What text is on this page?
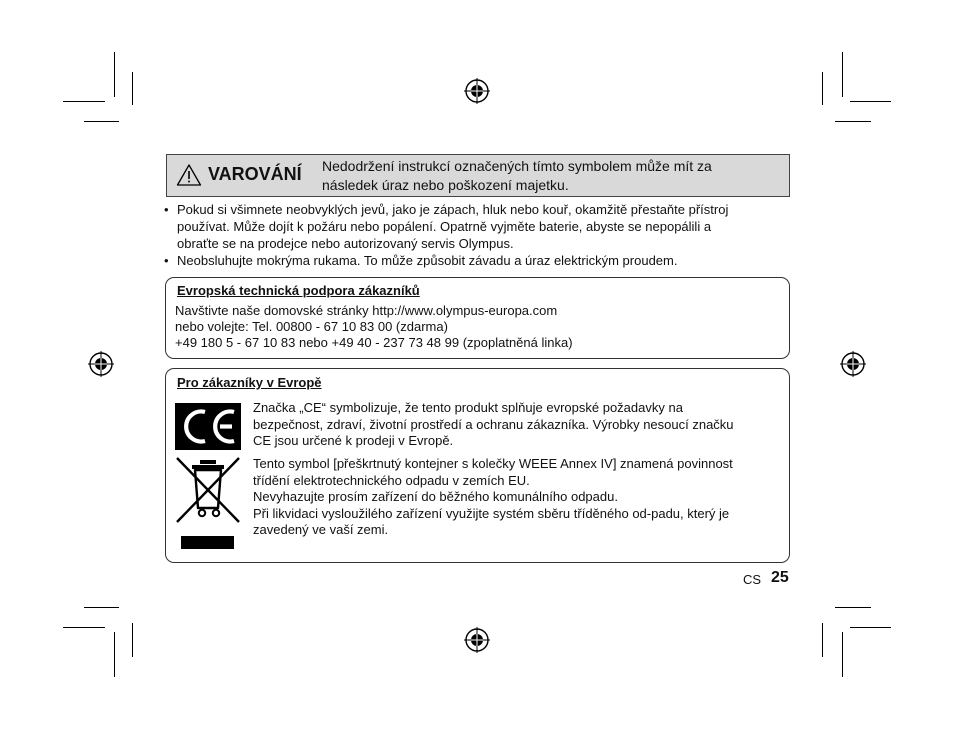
VAROVÁNÍ Nedodržení instrukcí označených tímto symbolem může mít za
následek úraz nebo poškození majetku.
• Pokud si všimnete neobvyklých jevů, jako je zápach, hluk nebo kouř, okamžitě přestaňte přístroj
používat. Může dojít k požáru nebo popálení. Opatrně vyjměte baterie, abyste se nepopálili a
obraťte se na prodejce nebo autorizovaný servis Olympus.
• Neobsluhujte mokrýma rukama. To může způsobit závadu a úraz elektrickým proudem.
Evropská technická podpora zákazníků
Navštivte naše domovské stránky http://www.olympus-europa.com
nebo volejte: Tel. 00800 - 67 10 83 00 (zdarma)
+49 180 5 - 67 10 83 nebo +49 40 - 237 73 48 99 (zpoplatněná linka)
Pro zákazníky v Evropě
Značka „CE“ symbolizuje, že tento produkt splňuje evropské požadavky na
bezpečnost, zdraví, životní prostředí a ochranu zákazníka. Výrobky nesoucí značku
CE jsou určené k prodeji v Evropě.
Tento symbol [přeškrtnutý kontejner s kolečky WEEE Annex IV] znamená povinnost
třídění elektrotechnického odpadu v zemích EU.
Nevyhazujte prosím zařízení do běžného komunálního odpadu.
Při likvidaci vysloužilého zařízení využijte systém sběru tříděného od-padu, který je
zavedený ve vaší zemi.
CS 25
